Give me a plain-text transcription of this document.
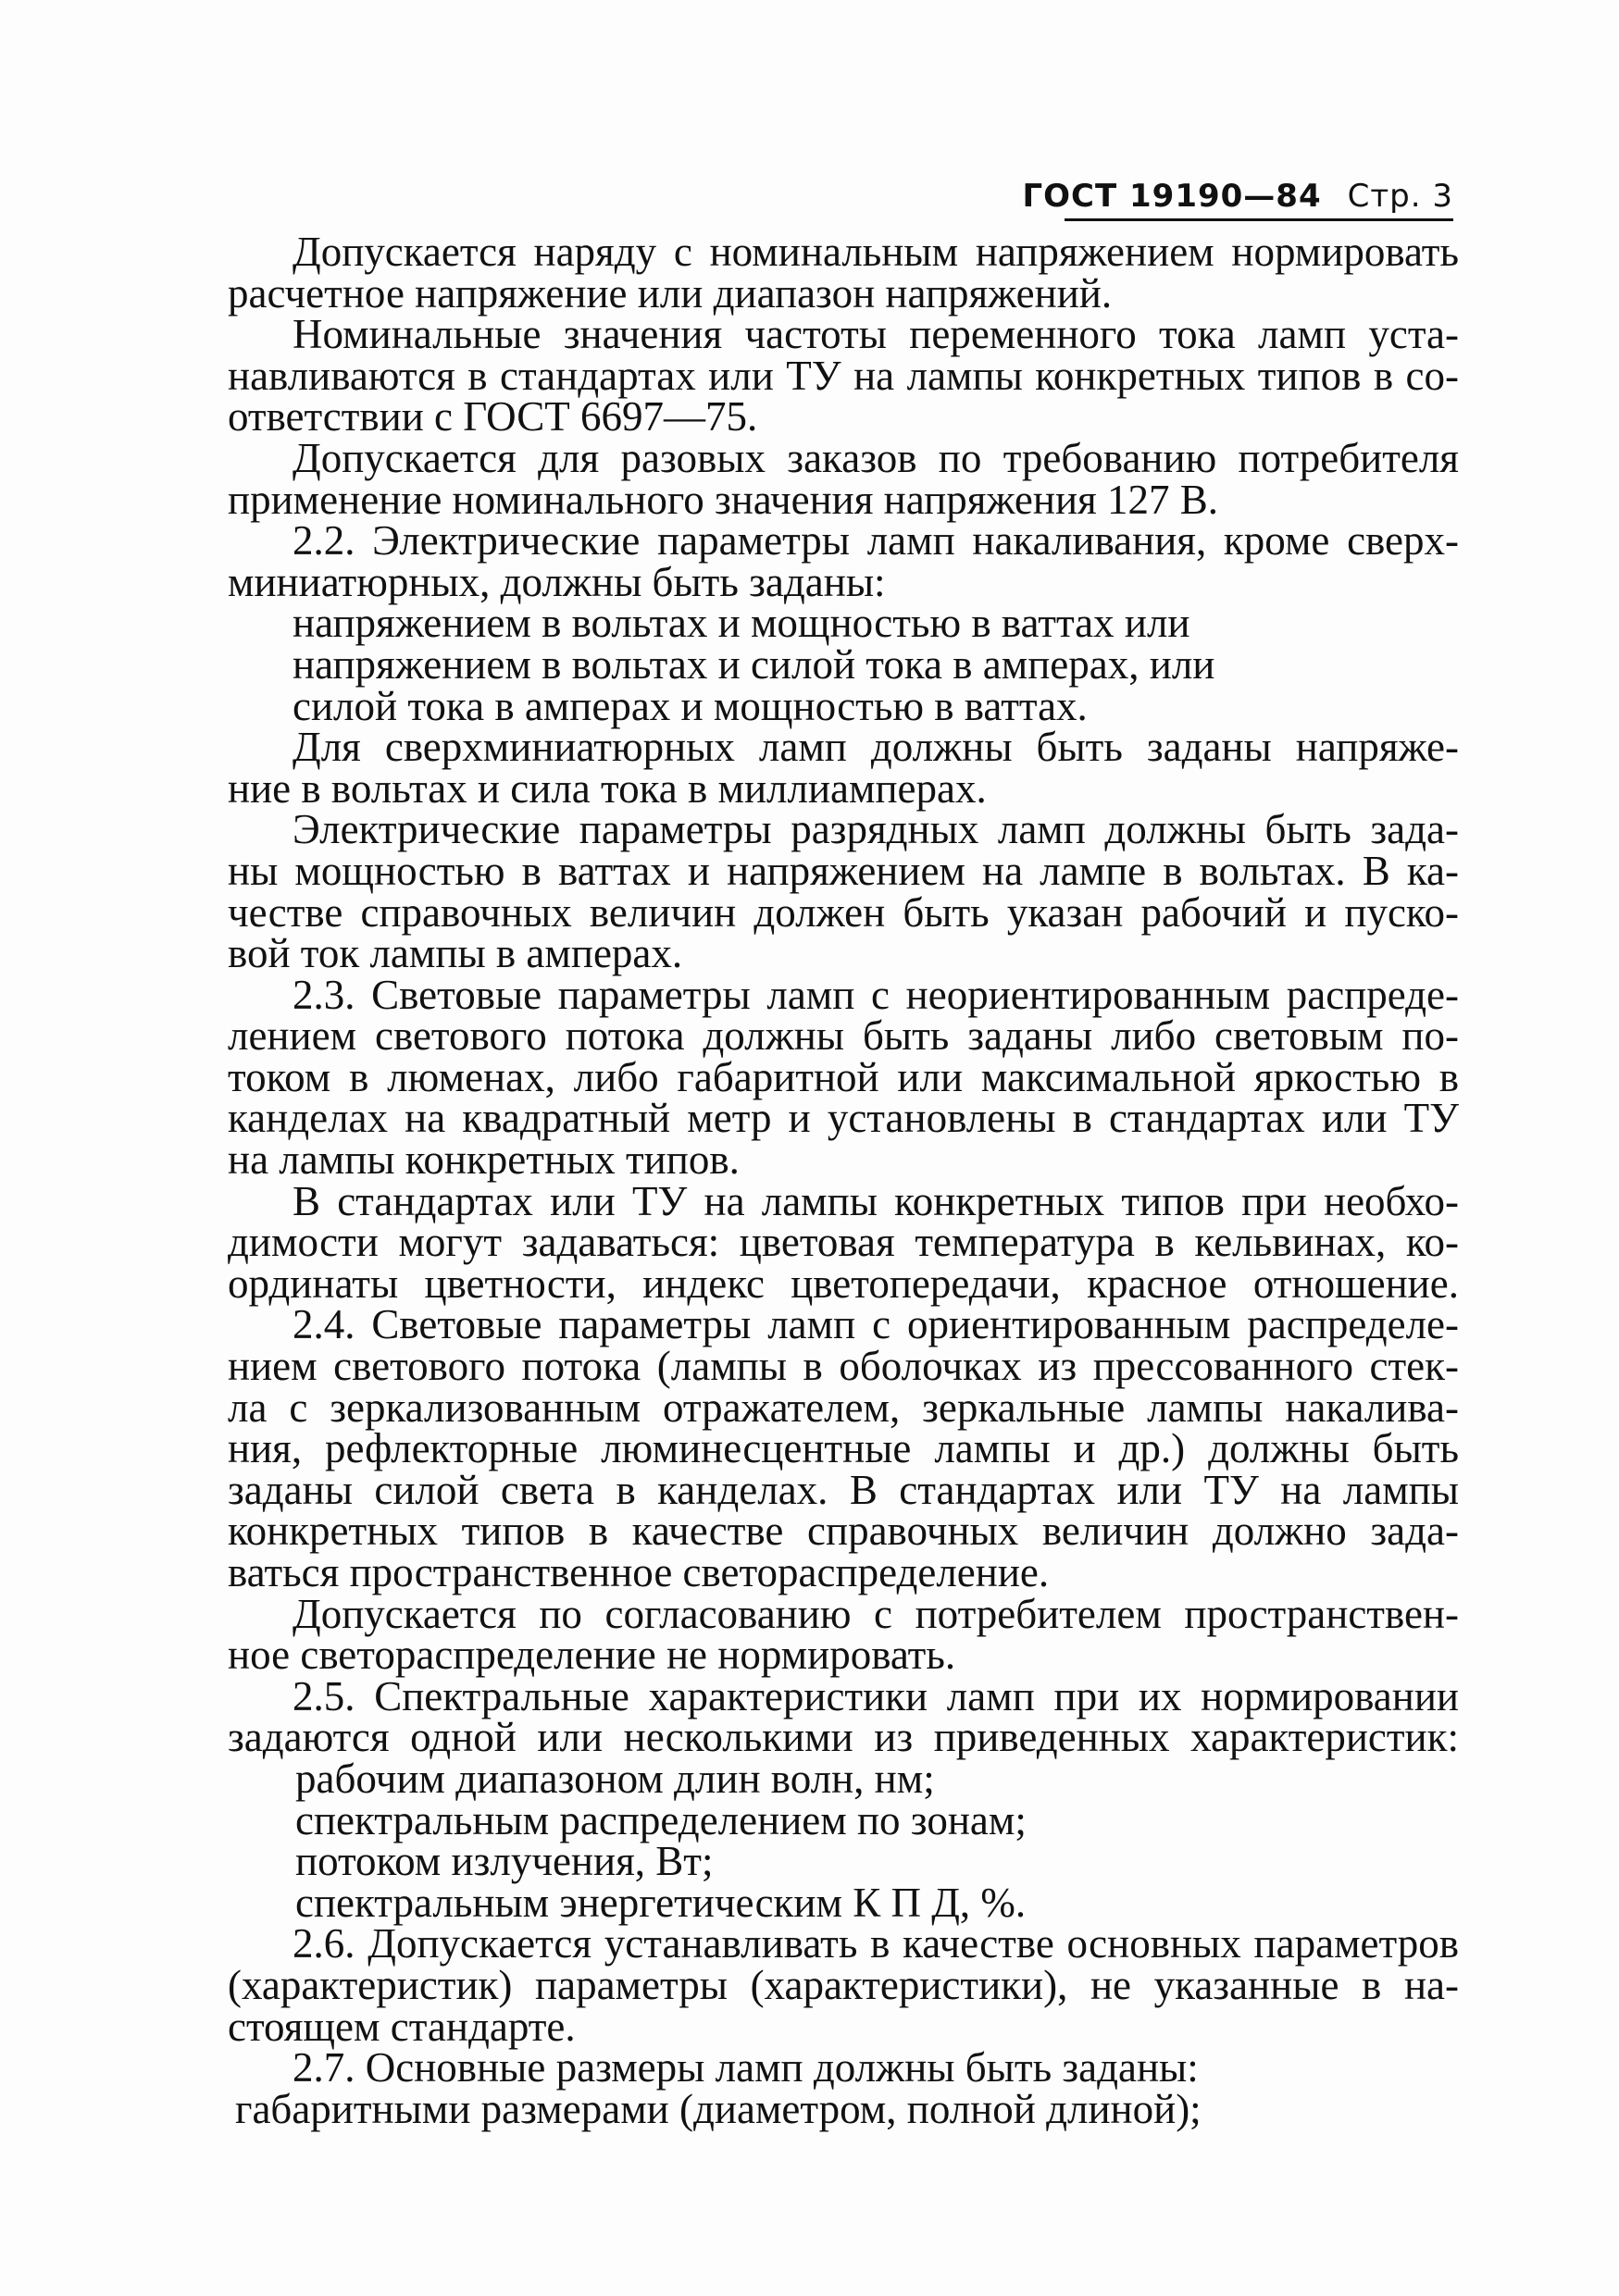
ГОСТ 19190—84 Стр. 3
Допускается наряду с номинальным напряжением нормировать
расчетное напряжение или диапазон напряжений.
Номинальные значения частоты переменного тока ламп уста-
навливаются в стандартах или ТУ на лампы конкретных типов в со-
ответствии с ГОСТ 6697—75.
Допускается для разовых заказов по требованию потребителя
применение номинального значения напряжения 127 В.
2.2. Электрические параметры ламп накаливания, кроме сверх-
миниатюрных, должны быть заданы:
напряжением в вольтах и мощностью в ваттах или
напряжением в вольтах и силой тока в амперах, или
силой тока в амперах и мощностью в ваттах.
Для сверхминиатюрных ламп должны быть заданы напряже-
ние в вольтах и сила тока в миллиамперах.
Электрические параметры разрядных ламп должны быть зада-
ны мощностью в ваттах и напряжением на лампе в вольтах. В ка-
честве справочных величин должен быть указан рабочий и пуско-
вой ток лампы в амперах.
2.3. Световые параметры ламп с неориентированным распреде-
лением светового потока должны быть заданы либо световым по-
током в люменах, либо габаритной или максимальной яркостью в
канделах на квадратный метр и установлены в стандартах или ТУ
на лампы конкретных типов.
В стандартах или ТУ на лампы конкретных типов при необхо-
димости могут задаваться: цветовая температура в кельвинах, ко-
ординаты цветности, индекс цветопередачи, красное отношение.
2.4. Световые параметры ламп с ориентированным распределе-
нием светового потока (лампы в оболочках из прессованного стек-
ла с зеркализованным отражателем, зеркальные лампы накалива-
ния, рефлекторные люминесцентные лампы и др.) должны быть
заданы силой света в канделах. В стандартах или ТУ на лампы
конкретных типов в качестве справочных величин должно зада-
ваться пространственное светораспределение.
Допускается по согласованию с потребителем пространствен-
ное светораспределение не нормировать.
2.5. Спектральные характеристики ламп при их нормировании
задаются одной или несколькими из приведенных характеристик:
рабочим диапазоном длин волн, нм;
спектральным распределением по зонам;
потоком излучения, Вт;
спектральным энергетическим К П Д, %.
2.6. Допускается устанавливать в качестве основных параметров
(характеристик) параметры (характеристики), не указанные в на-
стоящем стандарте.
2.7. Основные размеры ламп должны быть заданы:
габаритными размерами (диаметром, полной длиной);
